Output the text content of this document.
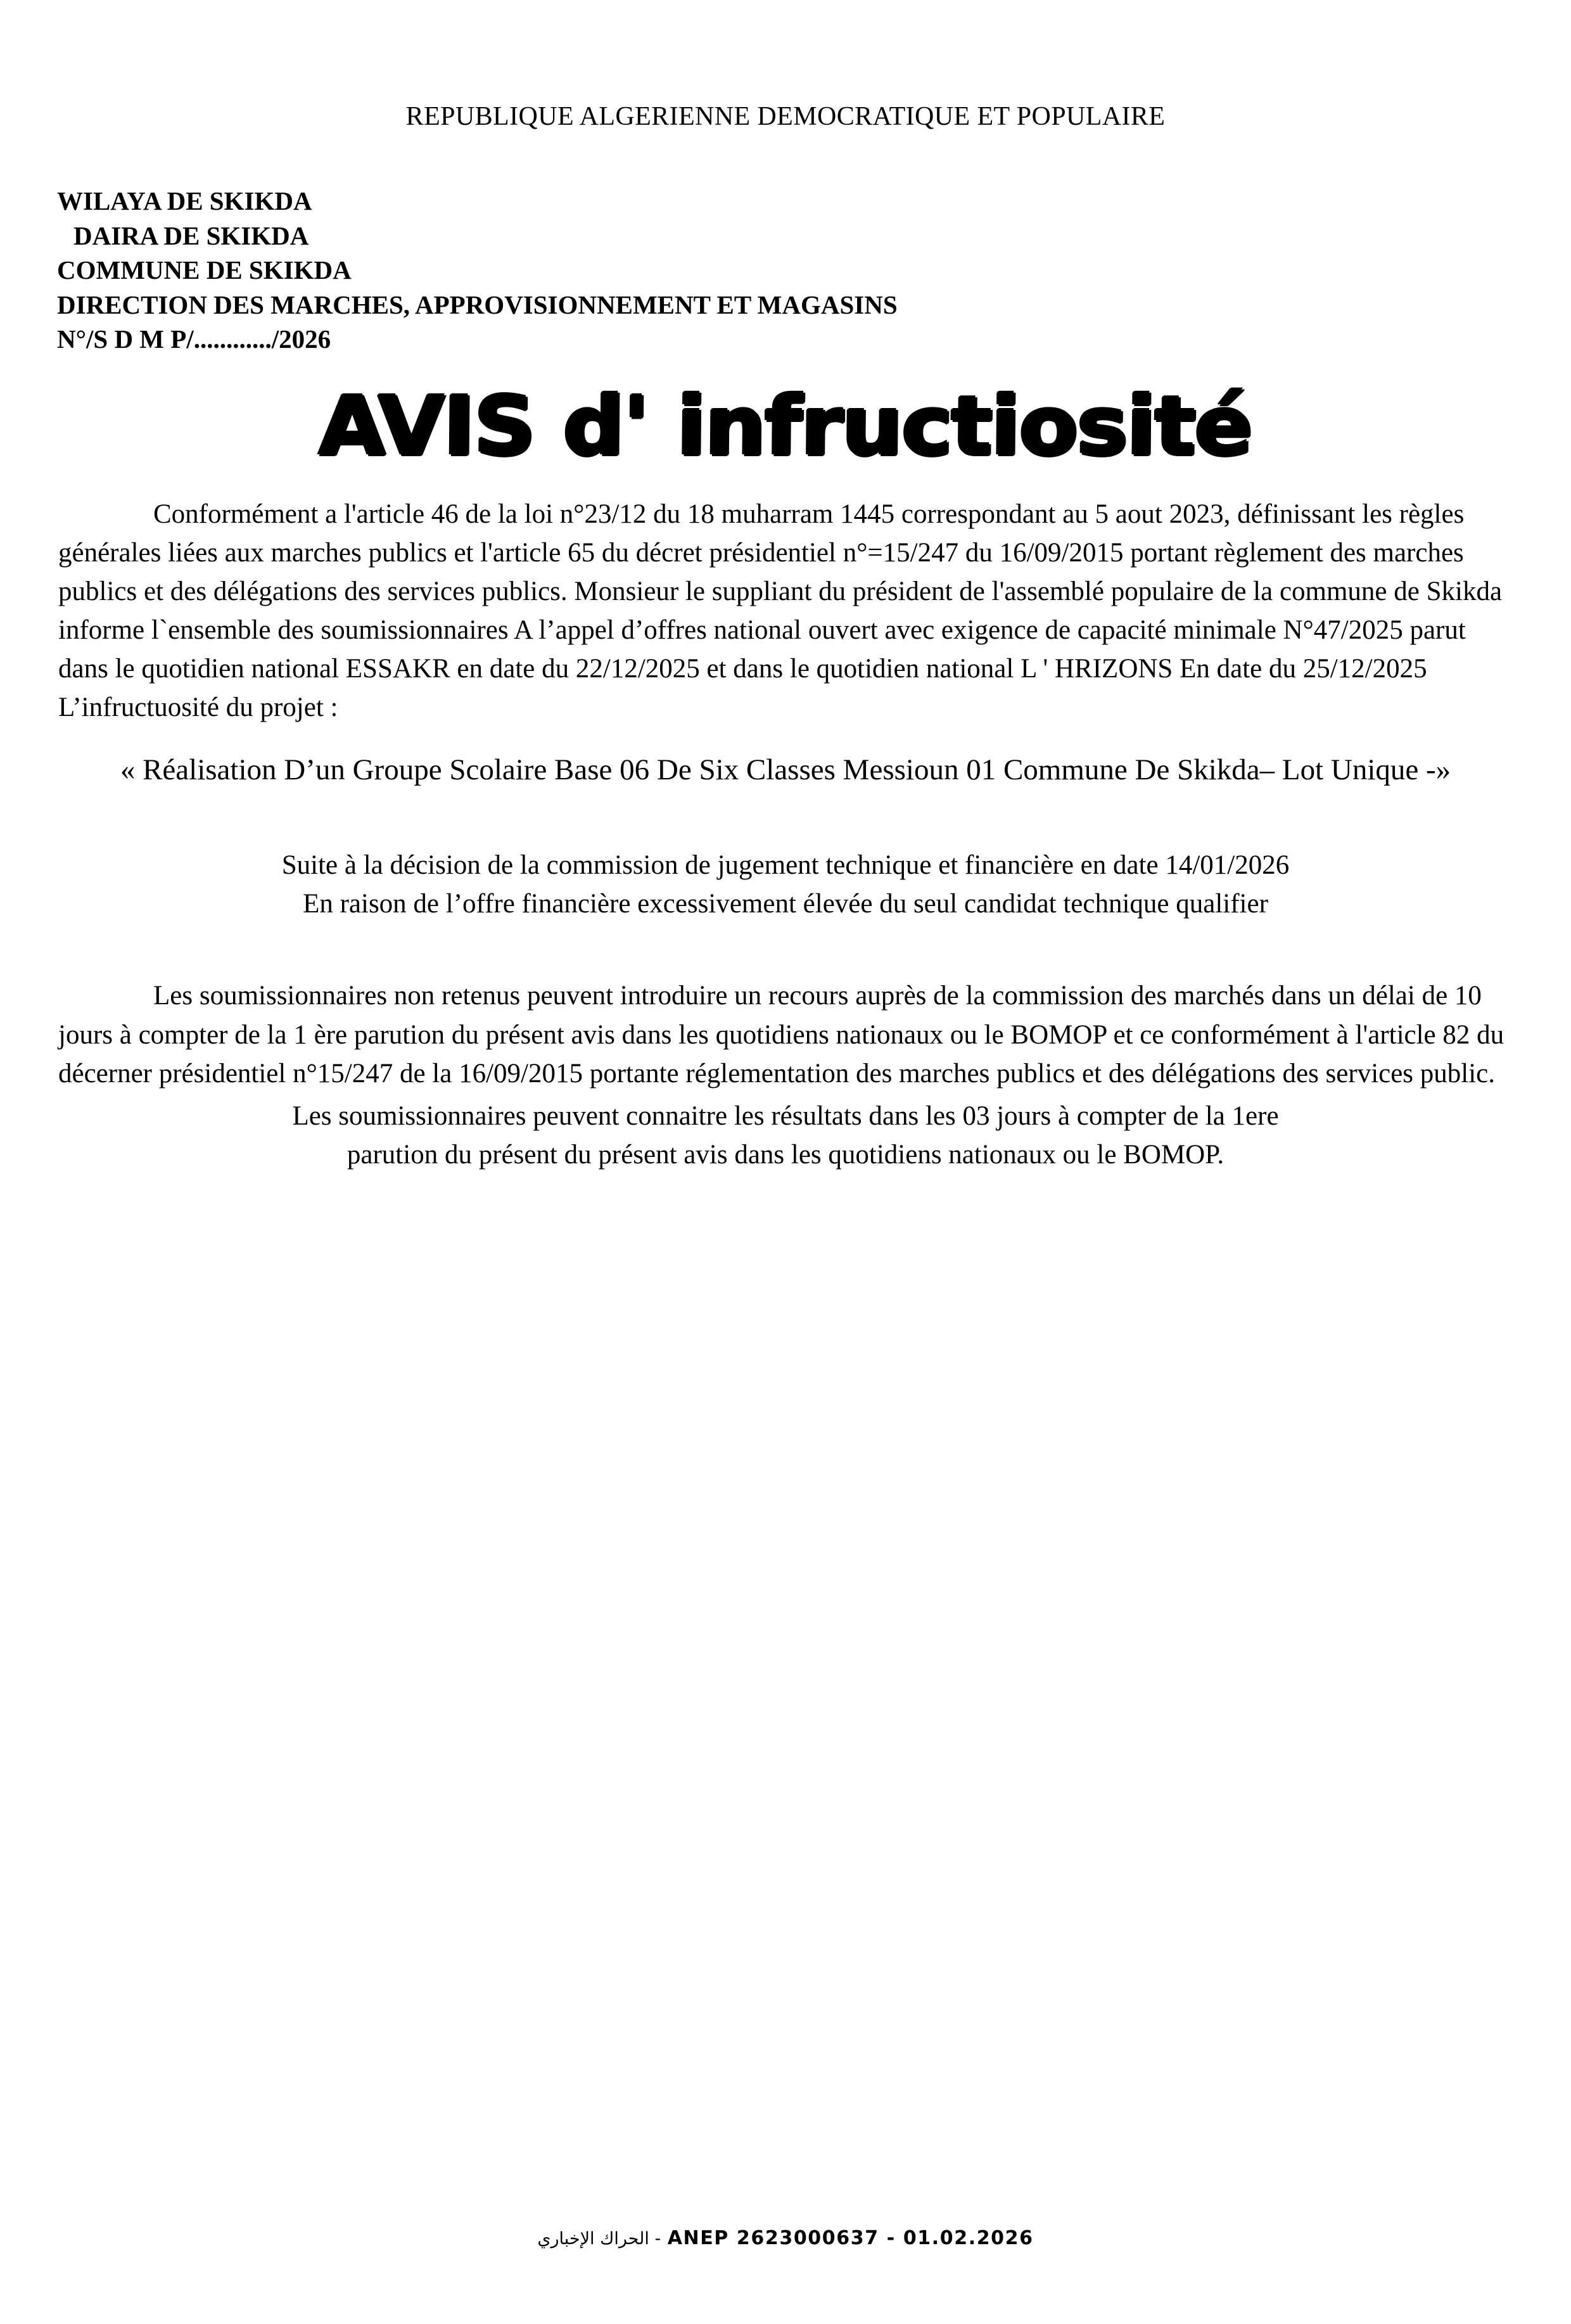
REPUBLIQUE ALGERIENNE DEMOCRATIQUE ET POPULAIRE
WILAYA DE SKIKDA
DAIRA DE SKIKDA
COMMUNE DE SKIKDA
DIRECTION DES MARCHES, APPROVISIONNEMENT ET MAGASINS
N°/S D M P/............/2026
AVIS d' infructiosité
Conformément a l'article 46 de la loi n°23/12 du 18 muharram 1445 correspondant au 5 aout 2023, définissant les règles générales liées aux marches publics et l'article 65 du décret présidentiel n°=15/247 du 16/09/2015 portant règlement des marches publics et des délégations des services publics. Monsieur le suppliant du président de l'assemblé populaire de la commune de Skikda informe l`ensemble des soumissionnaires A l’appel d’offres national ouvert avec exigence de capacité minimale N°47/2025 parut dans le quotidien national ESSAKR en date du 22/12/2025 et dans le quotidien national L ' HRIZONS En date du 25/12/2025 L’infructuosité du projet :
« Réalisation D’un Groupe Scolaire Base 06 De Six Classes Messioun 01 Commune De Skikda– Lot Unique -»
Suite à la décision de la commission de jugement technique et financière en date 14/01/2026
En raison de l’offre financière excessivement élevée du seul candidat technique qualifier
Les soumissionnaires non retenus peuvent introduire un recours auprès de la commission des marchés dans un délai de 10 jours à compter de la 1 ère parution du présent avis dans les quotidiens nationaux ou le BOMOP et ce conformément à l'article 82 du décerner présidentiel n°15/247 de la 16/09/2015 portante réglementation des marches publics et des délégations des services public.
Les soumissionnaires peuvent connaitre les résultats dans les 03 jours à compter de la 1ere
parution du présent du présent avis dans les quotidiens nationaux ou le BOMOP.
الحراك الإخباري - ANEP 2623000637 - 01.02.2026
